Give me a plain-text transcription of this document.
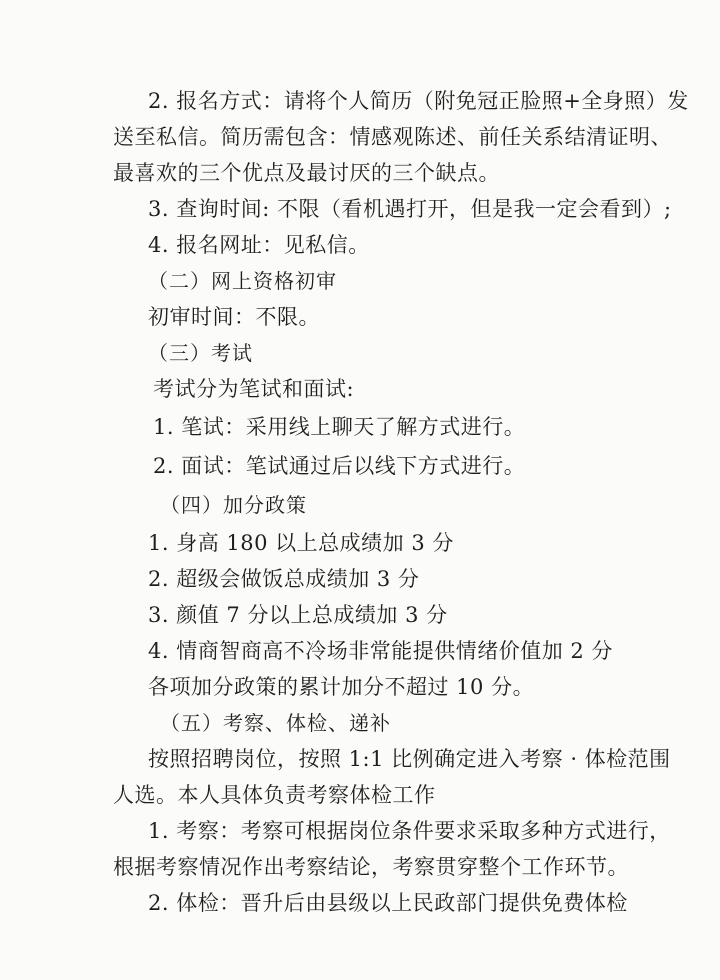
2. 报名方式：请将个人简历（附免冠正脸照+全身照）发
送至私信。简历需包含：情感观陈述、前任关系结清证明、
最喜欢的三个优点及最讨厌的三个缺点。
3. 查询时间: 不限（看机遇打开，但是我一定会看到）;
4. 报名网址：见私信。
（二）网上资格初审
初审时间：不限。
（三）考试
考试分为笔试和面试:
1. 笔试：采用线上聊天了解方式进行。
2. 面试：笔试通过后以线下方式进行。
（四）加分政策
1. 身高 180 以上总成绩加 3 分
2. 超级会做饭总成绩加 3 分
3. 颜值 7 分以上总成绩加 3 分
4. 情商智商高不冷场非常能提供情绪价值加 2 分
各项加分政策的累计加分不超过 10 分。
（五）考察、体检、递补
按照招聘岗位，按照 1:1 比例确定进入考察 · 体检范围
人选。本人具体负责考察体检工作
1. 考察：考察可根据岗位条件要求采取多种方式进行，
根据考察情况作出考察结论，考察贯穿整个工作环节。
2. 体检：晋升后由县级以上民政部门提供免费体检
